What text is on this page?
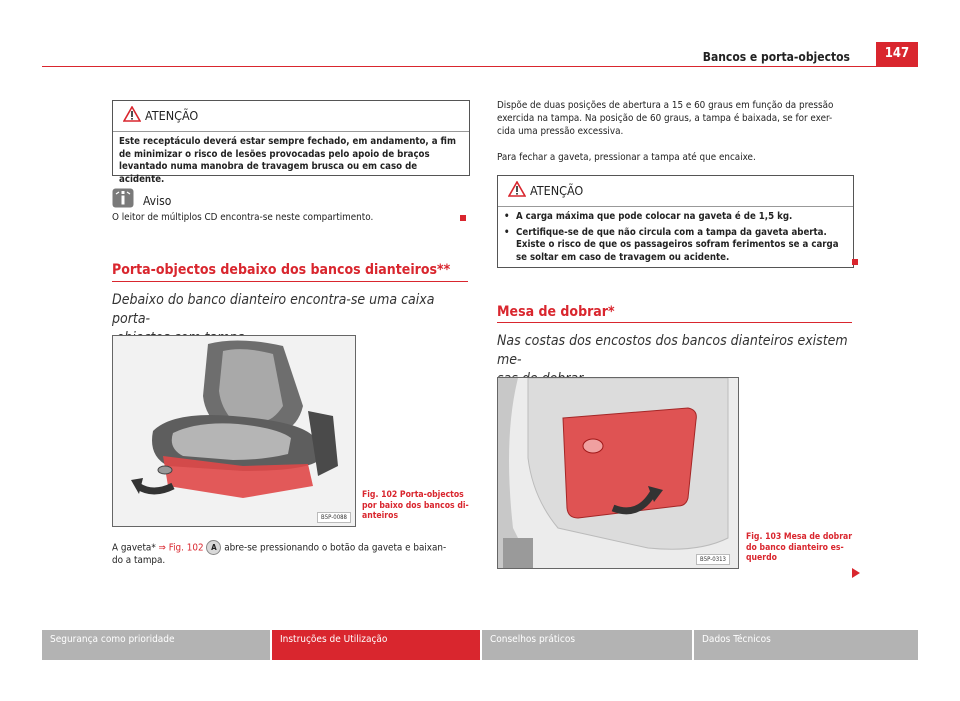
Bancos e porta-objectos	147
ATENÇÃO

Este receptáculo deverá estar sempre fechado, em andamento, a fim de minimizar o risco de lesões provocadas pelo apoio de braços levantado numa manobra de travagem brusca ou em caso de acidente.

Aviso
O leitor de múltiplos CD encontra-se neste compartimento.
Porta-objectos debaixo dos bancos dianteiros**
Debaixo do banco dianteiro encontra-se uma caixa porta-
B5P-0088
Fig. 102 Porta-objectos
por baixo dos bancos di-
anteiros
A gaveta* ⇒ Fig. 102 A abre-se pressionando o botão da gaveta e baixan-
do a tampa.
Dispõe de duas posições de abertura a 15 e 60 graus em função da pressão
exercida na tampa. Na posição de 60 graus, a tampa é baixada, se for exer-
cida uma pressão excessiva.
Para fechar a gaveta, pressionar a tampa até que encaixe.
ATENÇÃO
• A carga máxima que pode colocar na gaveta é de 1,5 kg.
• Certifique-se de que não circula com a tampa da gaveta aberta. Existe o risco de que os passageiros sofram ferimentos se a carga se soltar em caso de travagem ou acidente.
Mesa de dobrar*
Nas costas dos encostos dos bancos dianteiros existem me-
B5P-0313
Fig. 103 Mesa de dobrar
do banco dianteiro es-
querdo
Segurança como prioridade	Instruções de Utilização	Conselhos práticos	Dados Técnicos
